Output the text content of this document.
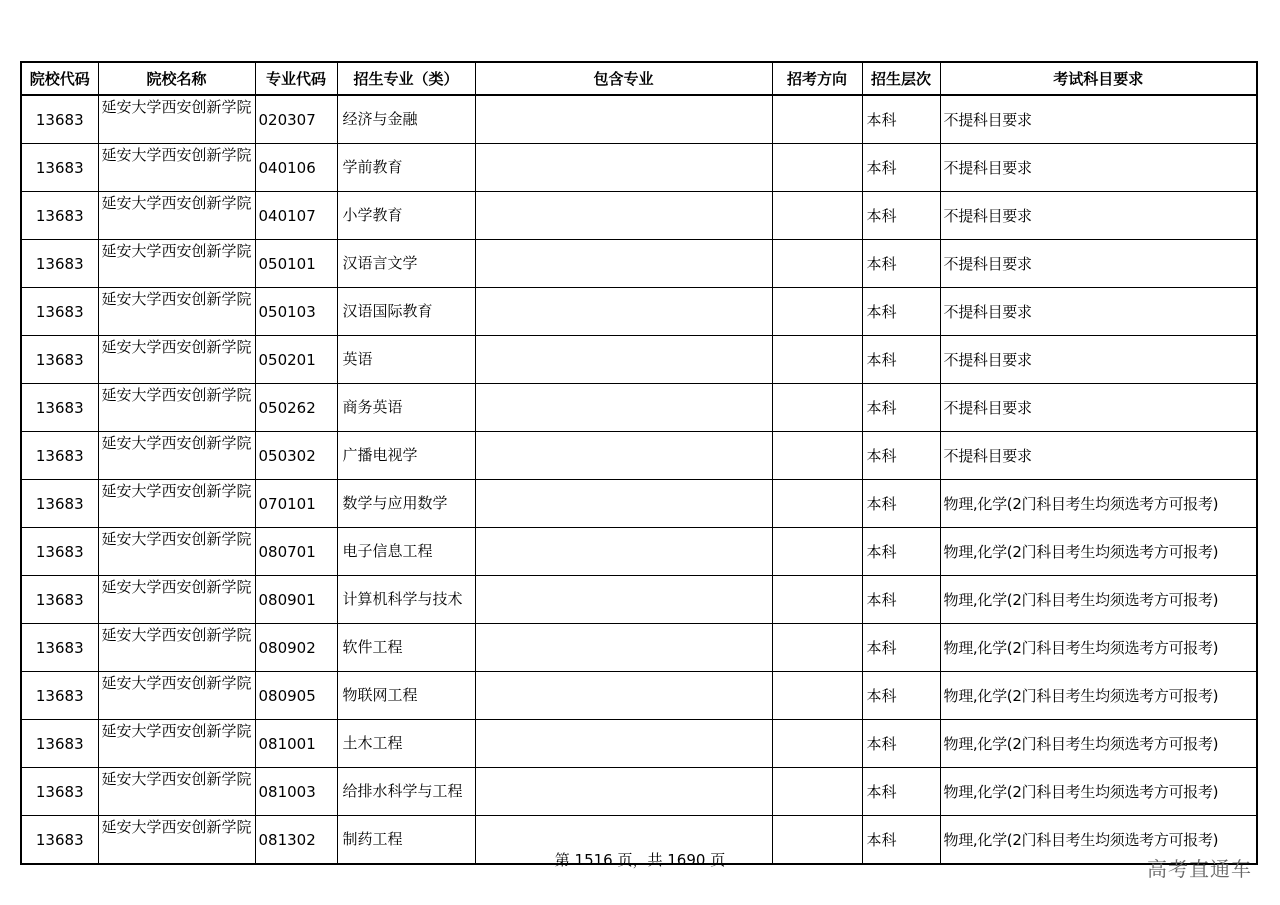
院校代码	院校名称	专业代码	招生专业（类）	包含专业	招考方向	招生层次	考试科目要求
13683	延安大学西安创新学院	020307	经济与金融			本科	不提科目要求
13683	延安大学西安创新学院	040106	学前教育			本科	不提科目要求
13683	延安大学西安创新学院	040107	小学教育			本科	不提科目要求
13683	延安大学西安创新学院	050101	汉语言文学			本科	不提科目要求
13683	延安大学西安创新学院	050103	汉语国际教育			本科	不提科目要求
13683	延安大学西安创新学院	050201	英语			本科	不提科目要求
13683	延安大学西安创新学院	050262	商务英语			本科	不提科目要求
13683	延安大学西安创新学院	050302	广播电视学			本科	不提科目要求
13683	延安大学西安创新学院	070101	数学与应用数学			本科	物理,化学(2门科目考生均须选考方可报考)
13683	延安大学西安创新学院	080701	电子信息工程			本科	物理,化学(2门科目考生均须选考方可报考)
13683	延安大学西安创新学院	080901	计算机科学与技术			本科	物理,化学(2门科目考生均须选考方可报考)
13683	延安大学西安创新学院	080902	软件工程			本科	物理,化学(2门科目考生均须选考方可报考)
13683	延安大学西安创新学院	080905	物联网工程			本科	物理,化学(2门科目考生均须选考方可报考)
13683	延安大学西安创新学院	081001	土木工程			本科	物理,化学(2门科目考生均须选考方可报考)
13683	延安大学西安创新学院	081003	给排水科学与工程			本科	物理,化学(2门科目考生均须选考方可报考)
13683	延安大学西安创新学院	081302	制药工程			本科	物理,化学(2门科目考生均须选考方可报考)
第 1516 页，共 1690 页	高考直通车
